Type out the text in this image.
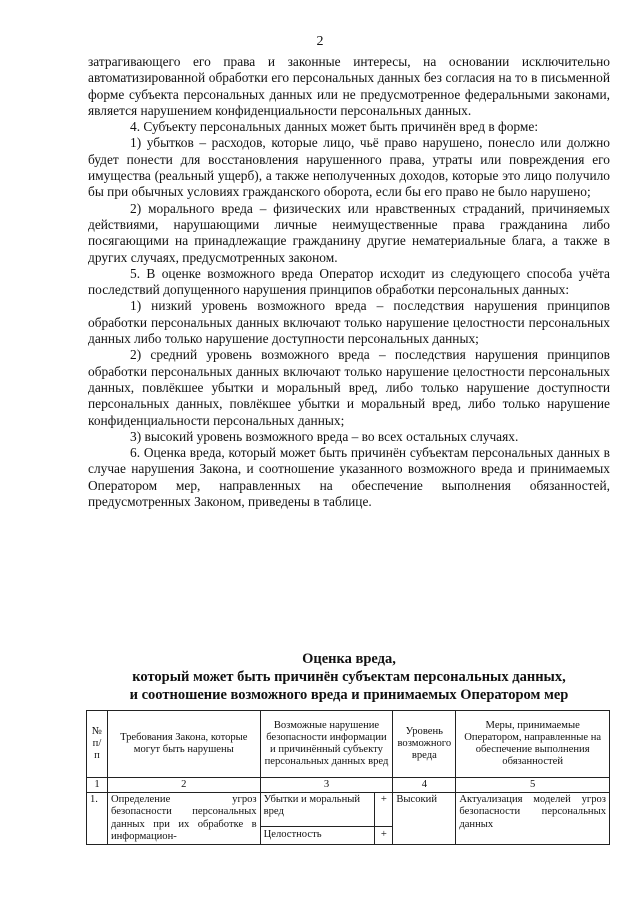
2

затрагивающего его права и законные интересы, на основании исключительно автоматизированной обработки его персональных данных без согласия на то в письменной форме субъекта персональных данных или не предусмотренное федеральными законами, является нарушением конфиденциальности персональных данных.

4. Субъекту персональных данных может быть причинён вред в форме:

1) убытков – расходов, которые лицо, чьё право нарушено, понесло или должно будет понести для восстановления нарушенного права, утраты или повреждения его имущества (реальный ущерб), а также неполученных доходов, которые это лицо получило бы при обычных условиях гражданского оборота, если бы его право не было нарушено;

2) морального вреда – физических или нравственных страданий, причиняемых действиями, нарушающими личные неимущественные права гражданина либо посягающими на принадлежащие гражданину другие нематериальные блага, а также в других случаях, предусмотренных законом.

5. В оценке возможного вреда Оператор исходит из следующего способа учёта последствий допущенного нарушения принципов обработки персональных данных:

1) низкий уровень возможного вреда – последствия нарушения принципов обработки персональных данных включают только нарушение целостности персональных данных либо только нарушение доступности персональных данных;

2) средний уровень возможного вреда – последствия нарушения принципов обработки персональных данных включают только нарушение целостности персональных данных, повлёкшее убытки и моральный вред, либо только нарушение доступности персональных данных, повлёкшее убытки и моральный вред, либо только нарушение конфиденциальности персональных данных;

3) высокий уровень возможного вреда – во всех остальных случаях.

6. Оценка вреда, который может быть причинён субъектам персональных данных в случае нарушения Закона, и соотношение указанного возможного вреда и принимаемых Оператором мер, направленных на обеспечение выполнения обязанностей, предусмотренных Законом, приведены в таблице.

Оценка вреда,
который может быть причинён субъектам персональных данных,
и соотношение возможного вреда и принимаемых Оператором мер
№ п/п	Требования Закона, которые могут быть нарушены	Возможные нарушение безопасности информации и причинённый субъекту персональных данных вред		Уровень возможного вреда	Меры, принимаемые Оператором, направленные на обеспечение выполнения обязанностей
1	2	3		4	5
1.	Определение угроз безопасности персональных данных при их обработке в информацион-	Убытки и моральный вред	+	Высокий	Актуализация моделей угроз безопасности персональных данных
		Целостность	+		
